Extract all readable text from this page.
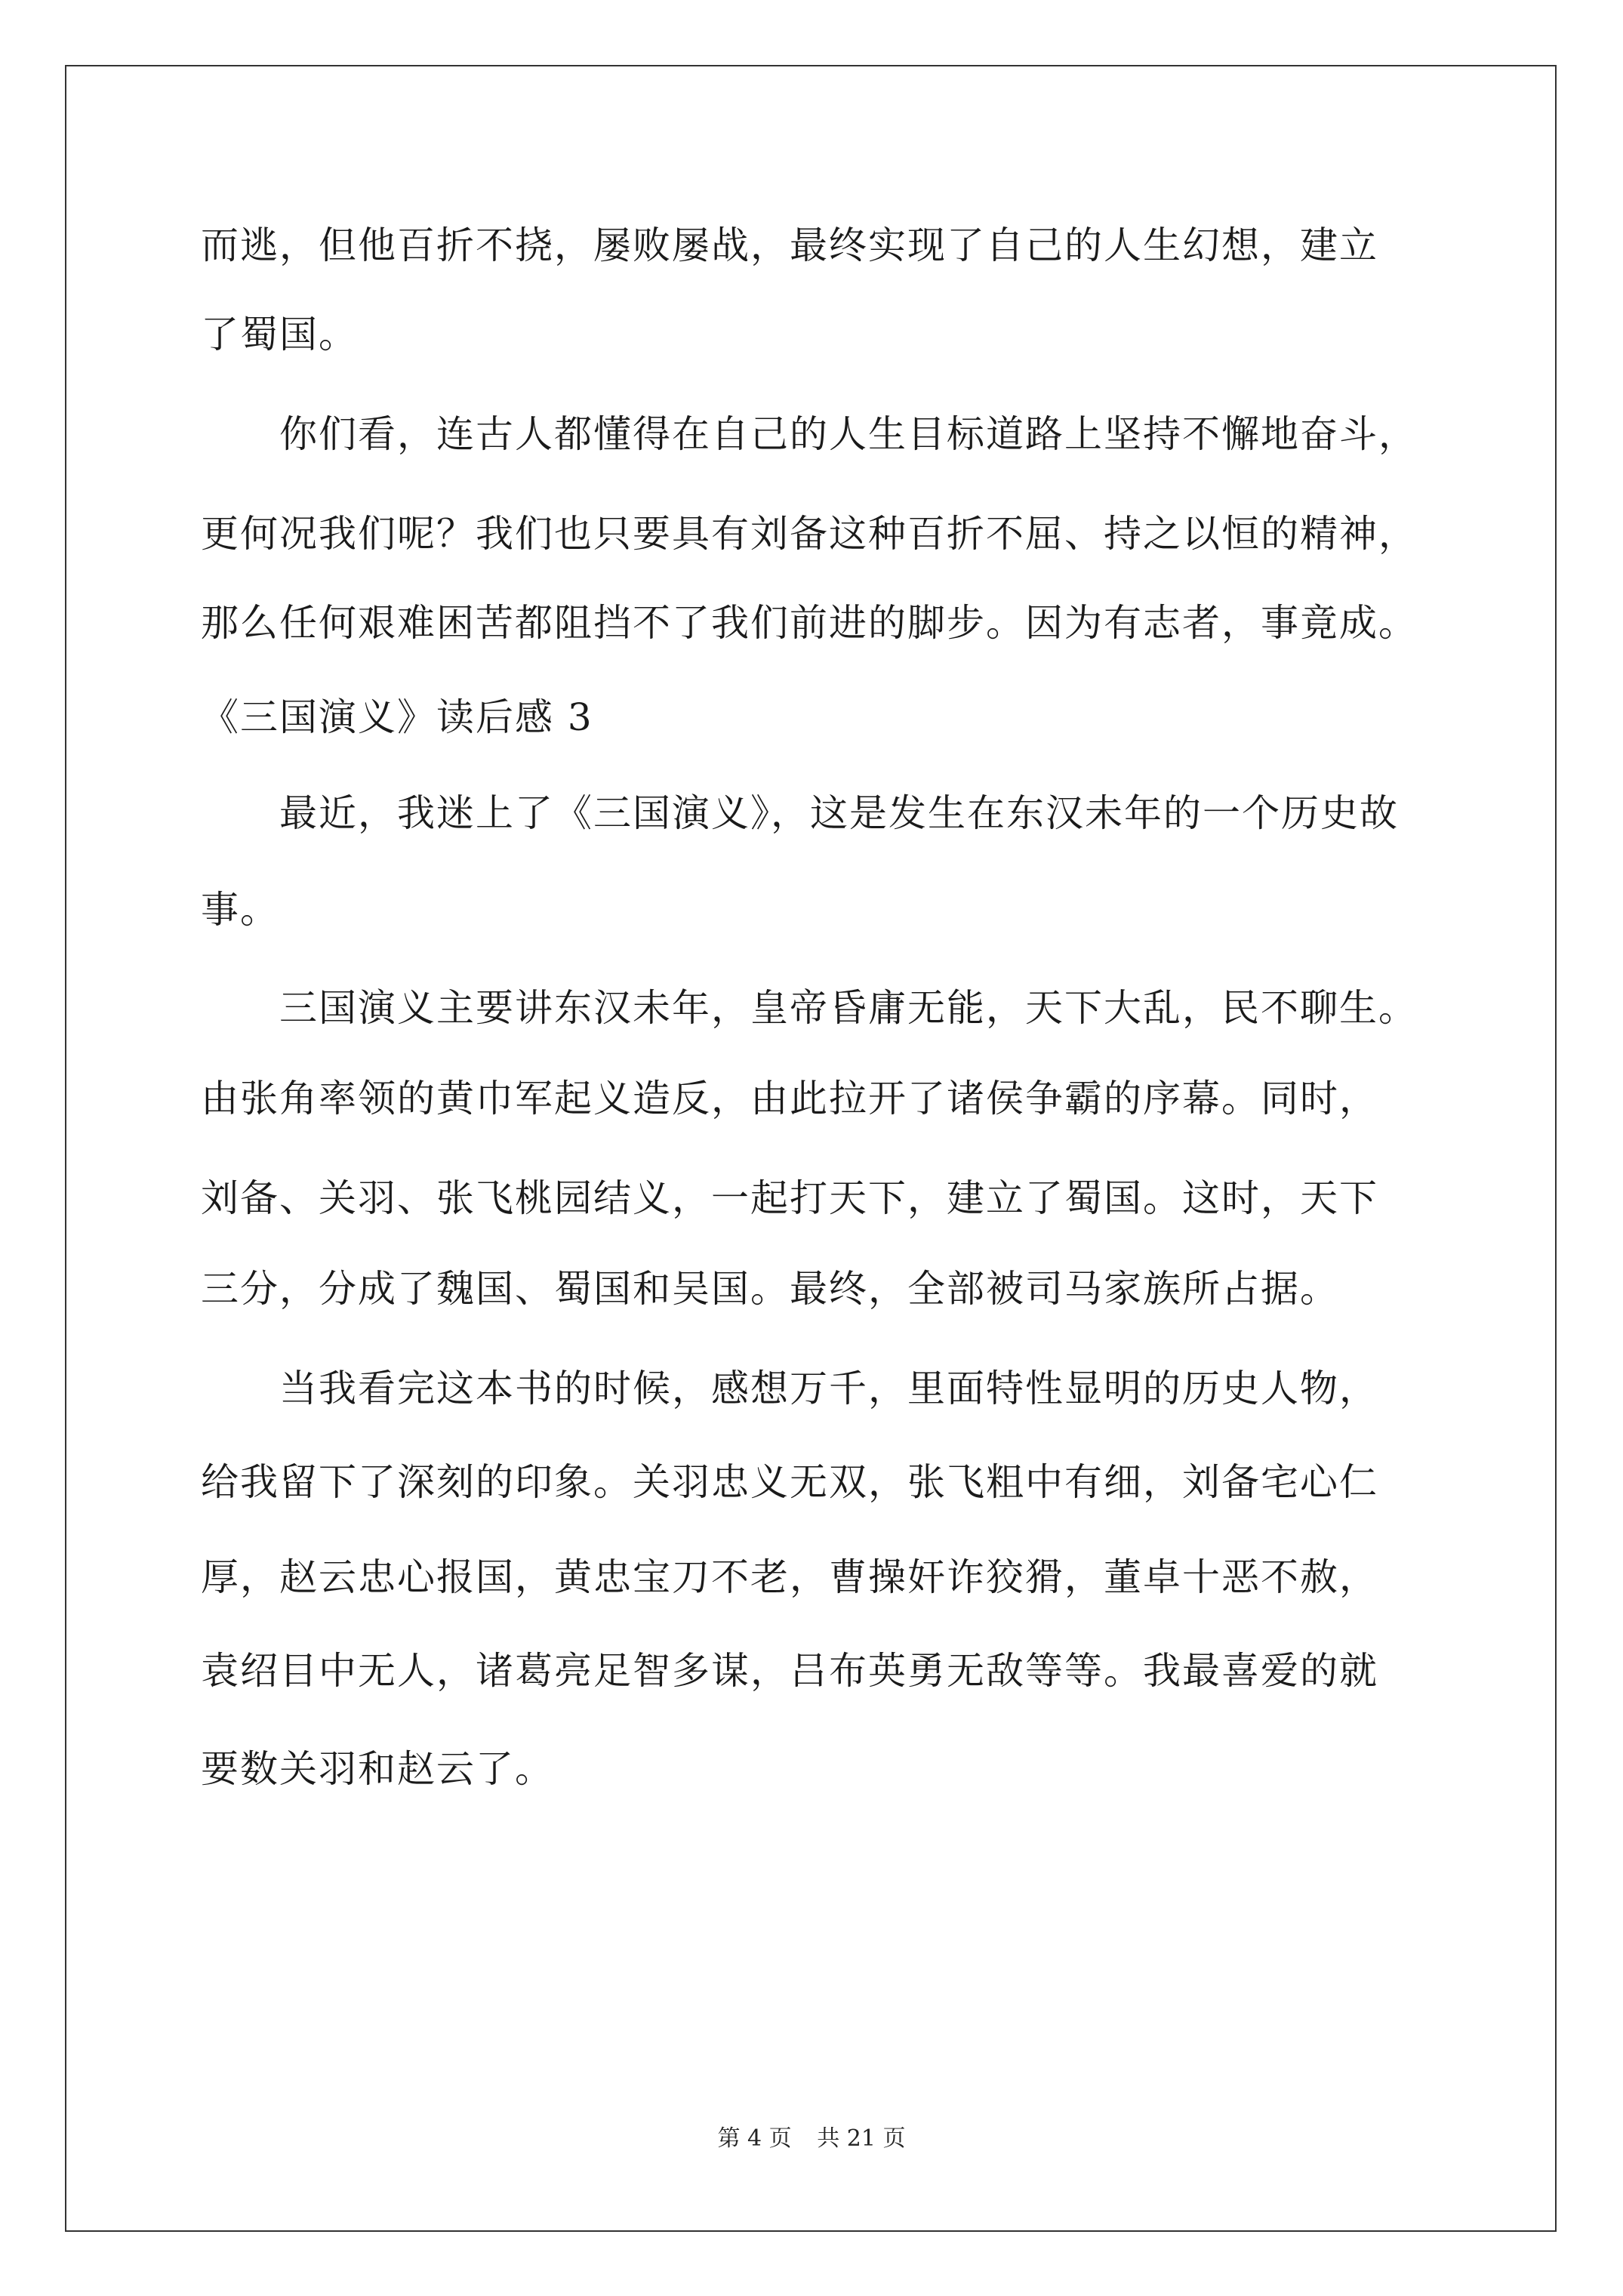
而逃，但他百折不挠，屡败屡战，最终实现了自己的人生幻想，建立

了蜀国。

　　你们看，连古人都懂得在自己的人生目标道路上坚持不懈地奋斗，

更何况我们呢？我们也只要具有刘备这种百折不屈、持之以恒的精神，

那么任何艰难困苦都阻挡不了我们前进的脚步。因为有志者，事竟成。

《三国演义》读后感 3

　　最近，我迷上了《三国演义》，这是发生在东汉未年的一个历史故

事。

　　三国演义主要讲东汉未年，皇帝昏庸无能，天下大乱，民不聊生。

由张角率领的黄巾军起义造反，由此拉开了诸侯争霸的序幕。同时，

刘备、关羽、张飞桃园结义，一起打天下，建立了蜀国。这时，天下

三分，分成了魏国、蜀国和吴国。最终，全部被司马家族所占据。

　　当我看完这本书的时候，感想万千，里面特性显明的历史人物，

给我留下了深刻的印象。关羽忠义无双，张飞粗中有细，刘备宅心仁

厚，赵云忠心报国，黄忠宝刀不老，曹操奸诈狡猾，董卓十恶不赦，

袁绍目中无人，诸葛亮足智多谋，吕布英勇无敌等等。我最喜爱的就

要数关羽和赵云了。

第 4 页 共 21 页
